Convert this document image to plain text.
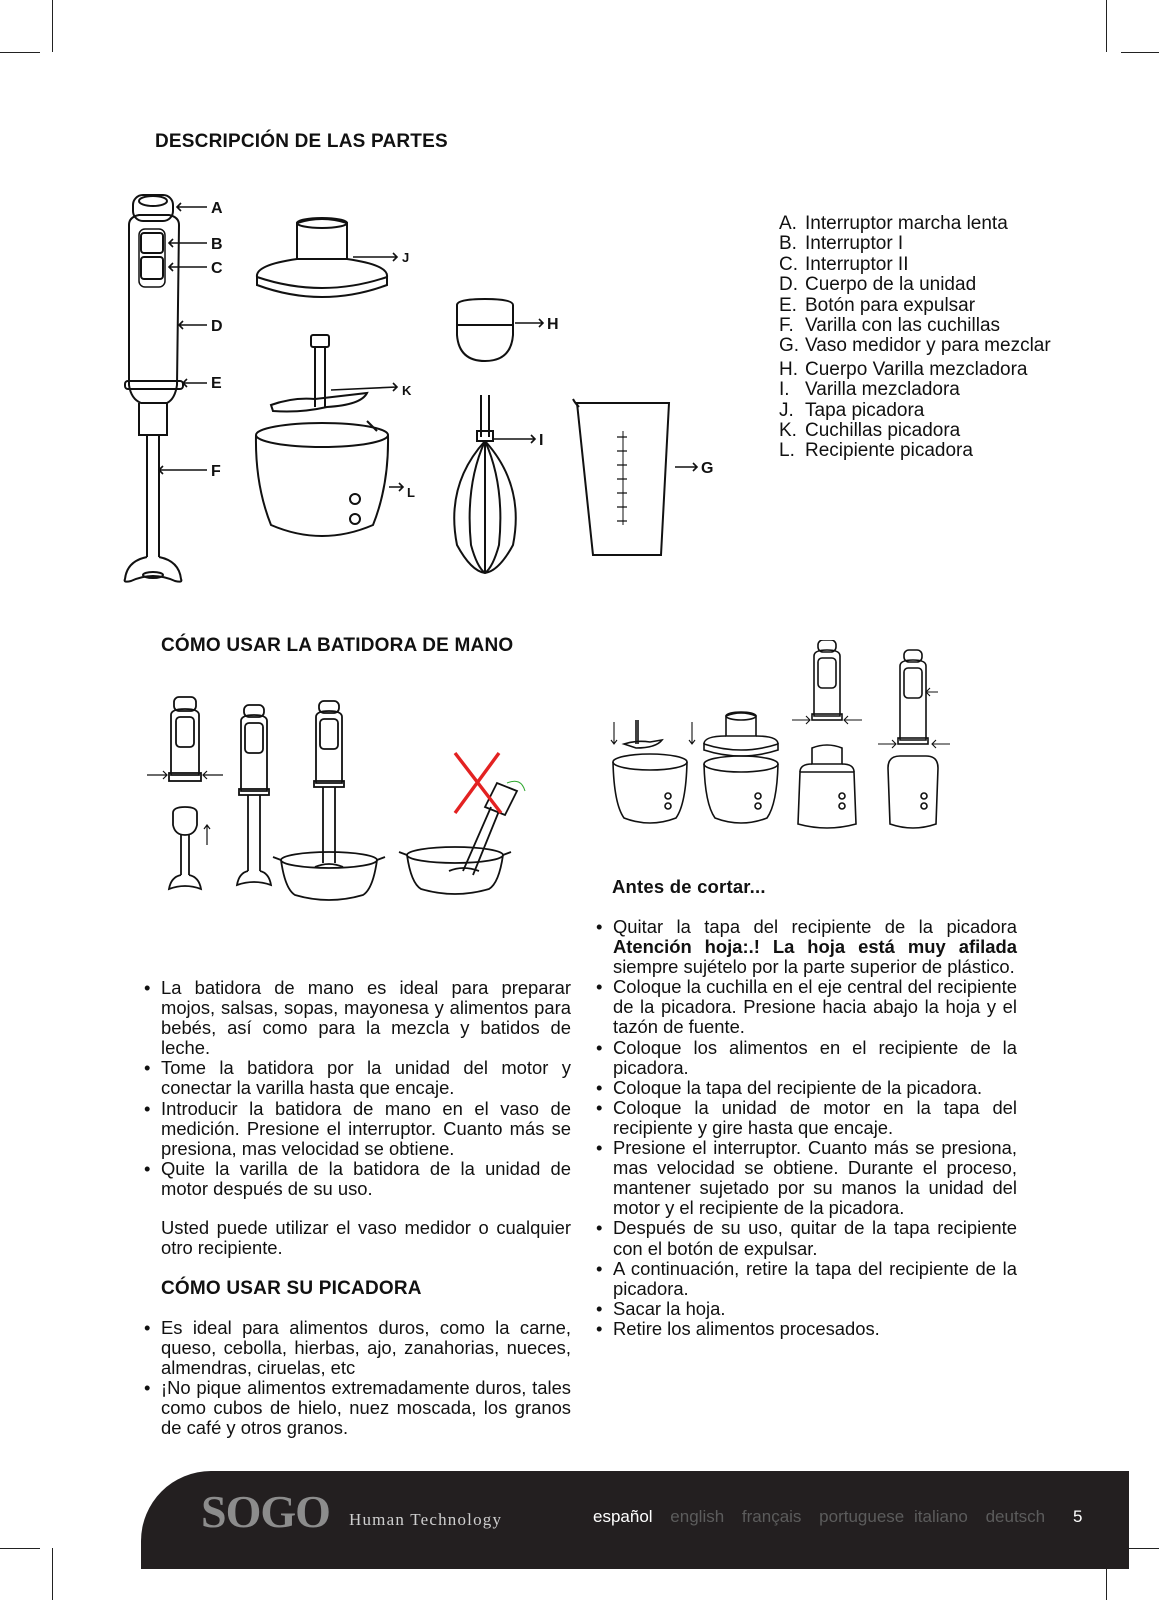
DESCRIPCIÓN DE LAS PARTES
A
B
C
D
E
F
J
K
L
H
I
G
A. Interruptor marcha lenta
B. Interruptor I
C. Interruptor II
D. Cuerpo de la unidad
E. Botón para expulsar
F. Varilla con las cuchillas
G. Vaso medidor y para mezclar
H. Cuerpo Varilla mezcladora
I. Varilla mezcladora
J. Tapa picadora
K. Cuchillas picadora
L. Recipiente picadora
CÓMO USAR LA BATIDORA DE MANO
• La batidora de mano es ideal para preparar mojos, salsas, sopas, mayonesa y alimentos para bebés, así como para la mezcla y batidos de leche.
• Tome la batidora por la unidad del motor y conectar la varilla hasta que encaje.
• Introducir la batidora de mano en el vaso de medición. Presione el interruptor. Cuanto más se presiona, mas velocidad se obtiene.
• Quite la varilla de la batidora de la unidad de motor después de su uso.
Usted puede utilizar el vaso medidor o cualquier otro recipiente.
CÓMO USAR SU PICADORA
• Es ideal para alimentos duros, como la carne, queso, cebolla, hierbas, ajo, zanahorias, nueces, almendras, ciruelas, etc
• ¡No pique alimentos extremadamente duros, tales como cubos de hielo, nuez moscada, los granos de café y otros granos.
Antes de cortar...
• Quitar la tapa del recipiente de la picadora Atención hoja:.! La hoja está muy afilada siempre sujételo por la parte superior de plástico.
• Coloque la cuchilla en el eje central del recipiente de la picadora. Presione hacia abajo la hoja y el tazón de fuente.
• Coloque los alimentos en el recipiente de la picadora.
• Coloque la tapa del recipiente de la picadora.
• Coloque la unidad de motor en la tapa del recipiente y gire hasta que encaje.
• Presione el interruptor. Cuanto más se presiona, mas velocidad se obtiene. Durante el proceso, mantener sujetado por su manos la unidad del motor y el recipiente de la picadora.
• Después de su uso, quitar de la tapa recipiente con el botón de expulsar.
• A continuación, retire la tapa del recipiente de la picadora.
• Sacar la hoja.
• Retire los alimentos procesados.
SOGO Human Technology	español english français portuguese italiano deutsch	5
